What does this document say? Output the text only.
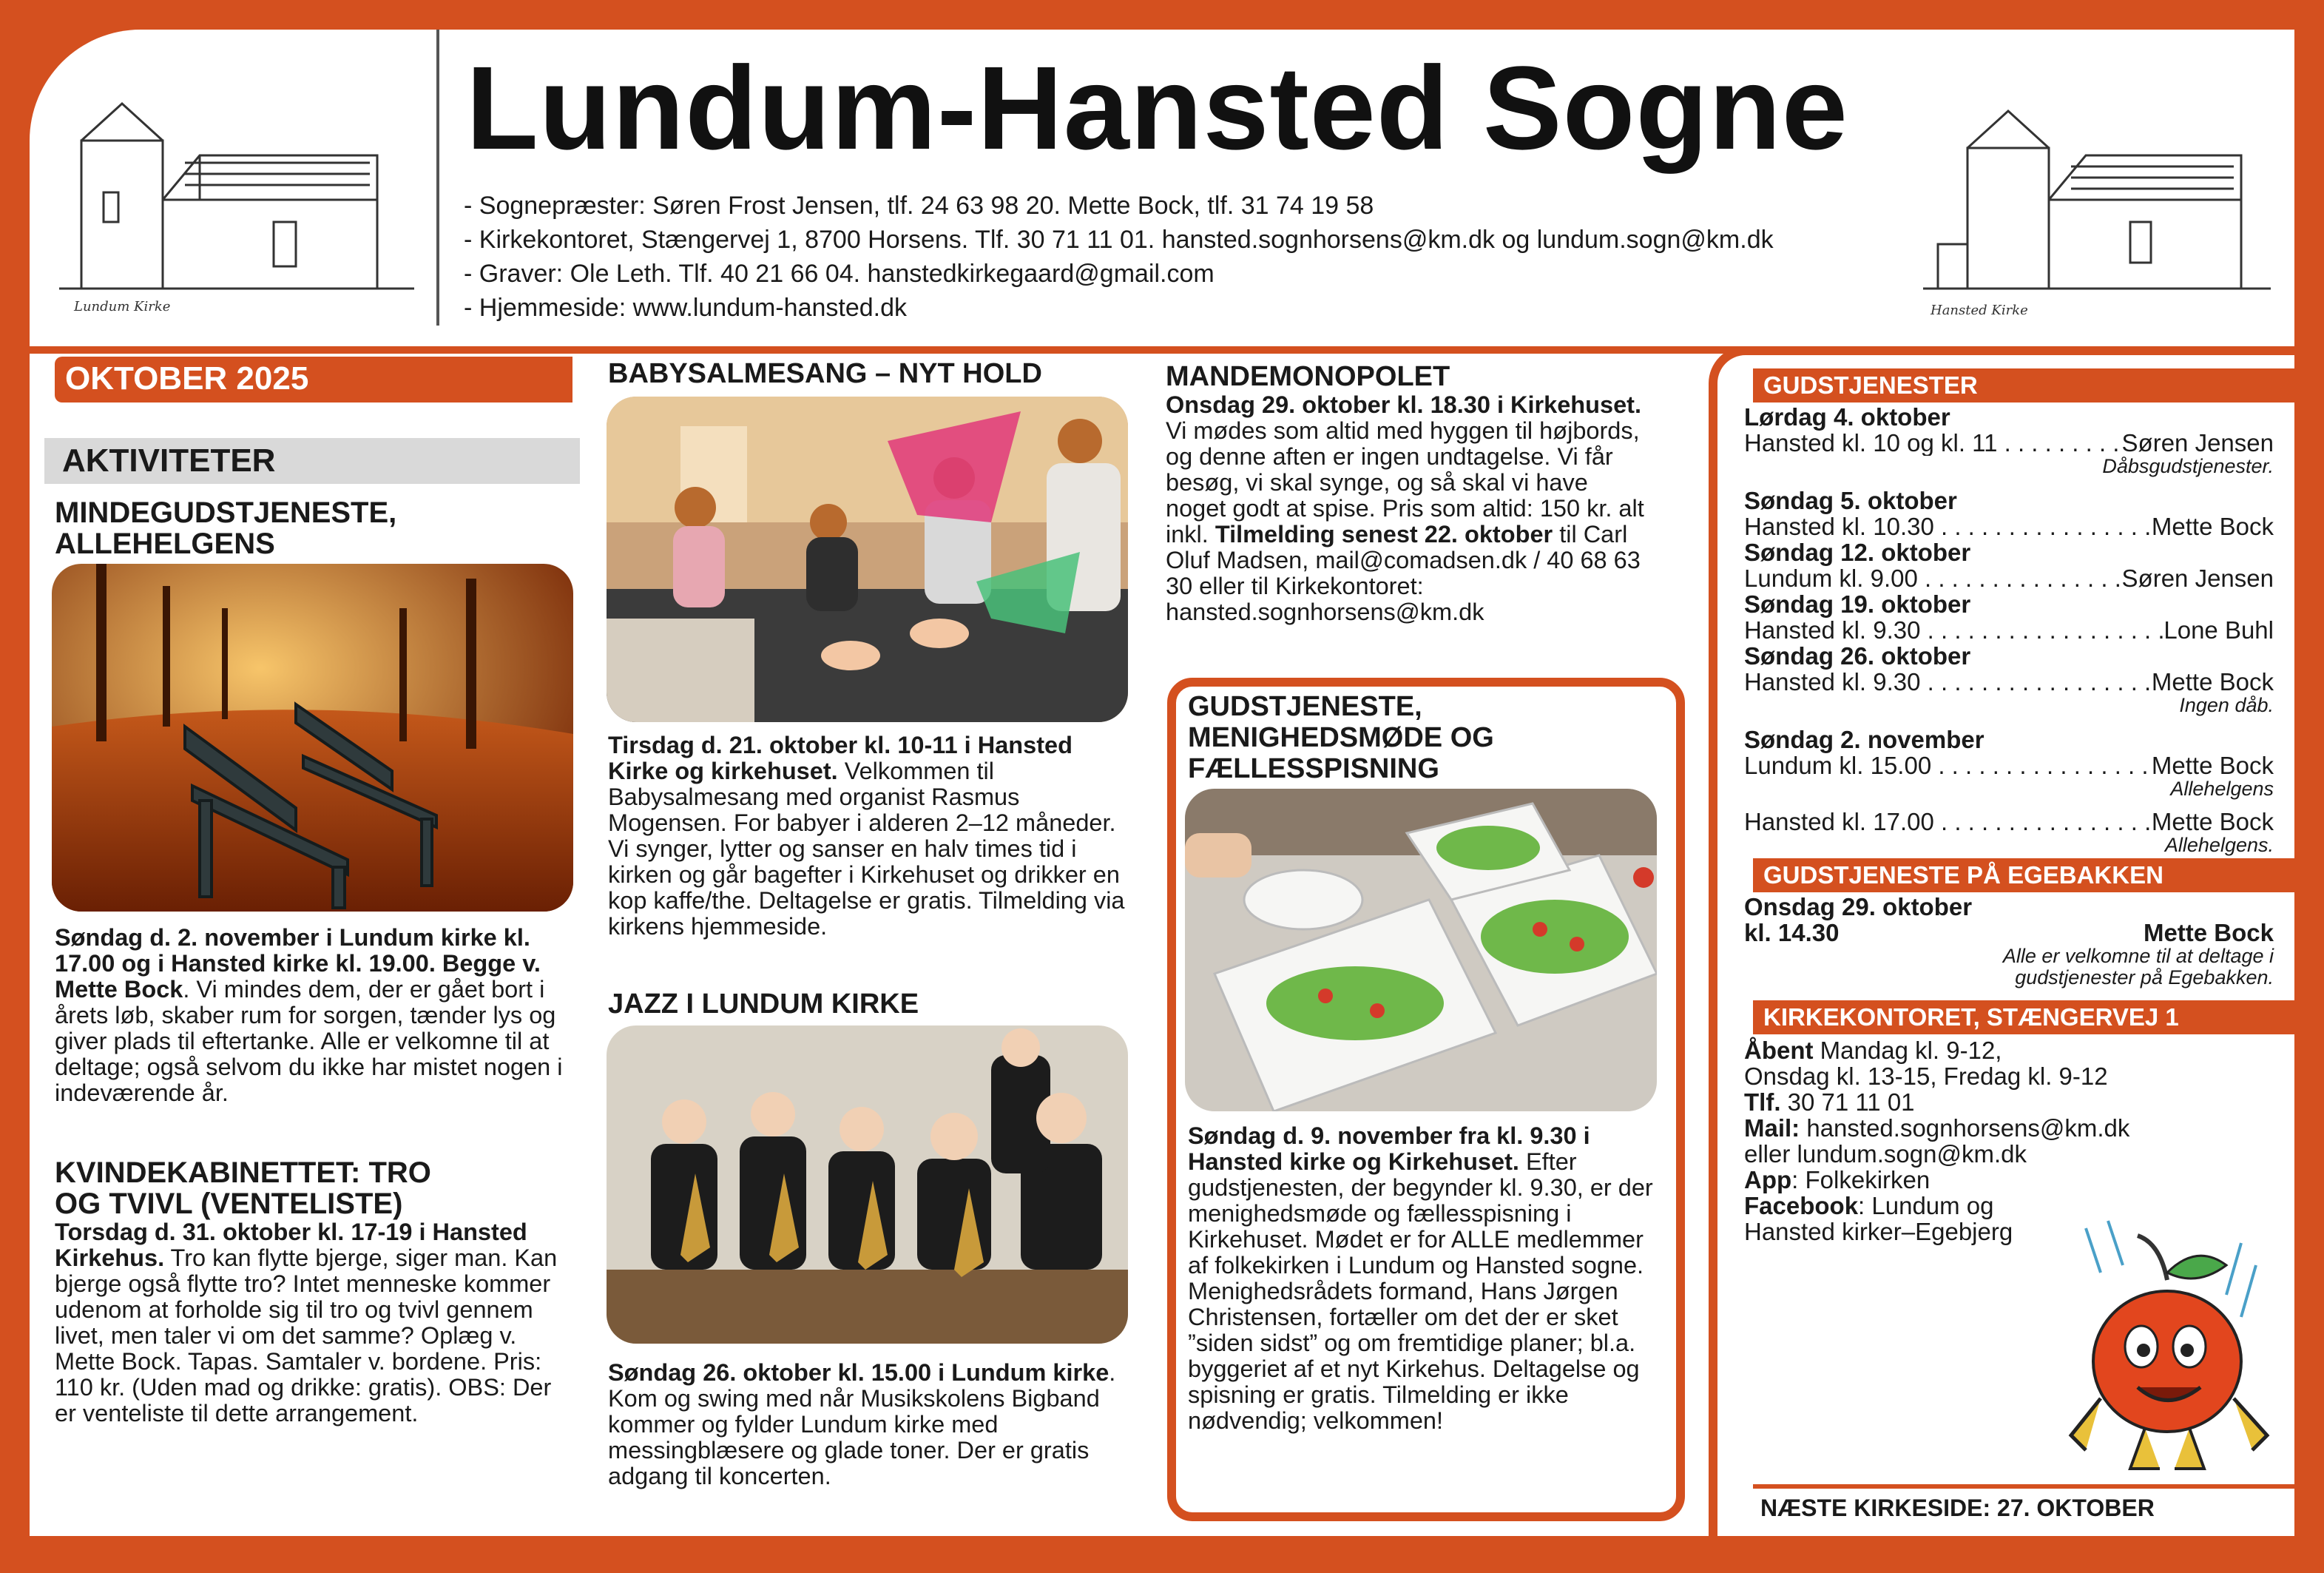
Lundum Kirke
Lundum-Hansted Sogne
- Sognepræster: Søren Frost Jensen, tlf. 24 63 98 20. Mette Bock, tlf. 31 74 19 58
- Kirkekontoret, Stængervej 1, 8700 Horsens. Tlf. 30 71 11 01. hansted.sognhorsens@km.dk og lundum.sogn@km.dk
- Graver: Ole Leth. Tlf. 40 21 66 04. hanstedkirkegaard@gmail.com
- Hjemmeside: www.lundum-hansted.dk	Hansted Kirke
OKTOBER 2025
AKTIVITETER
MINDEGUDSTJENESTE,
ALLEHELGENS
Søndag d. 2. november i Lundum kirke kl. 17.00 og i Hansted kirke kl. 19.00. Begge v. Mette Bock. Vi mindes dem, der er gået bort i årets løb, skaber rum for sorgen, tænder lys og giver plads til eftertanke. Alle er velkomne til at deltage; også selvom du ikke har mistet nogen i indeværende år.
KVINDEKABINETTET: TRO
OG TVIVL (VENTELISTE)
Torsdag d. 31. oktober kl. 17-19 i Hansted Kirkehus. Tro kan flytte bjerge, siger man. Kan bjerge også flytte tro? Intet menneske kommer udenom at forholde sig til tro og tvivl gennem livet, men taler vi om det samme? Oplæg v. Mette Bock. Tapas. Samtaler v. bordene. Pris: 110 kr. (Uden mad og drikke: gratis). OBS: Der er venteliste til dette arrangement.
BABYSALMESANG – NYT HOLD
Tirsdag d. 21. oktober kl. 10-11 i Hansted Kirke og kirkehuset. Velkommen til Babysalmesang med organist Rasmus Mogensen. For babyer i alderen 2–12 måneder. Vi synger, lytter og sanser en halv times tid i kirken og går bagefter i Kirkehuset og drikker en kop kaffe/the. Deltagelse er gratis. Tilmelding via kirkens hjemmeside.
JAZZ I LUNDUM KIRKE
Søndag 26. oktober kl. 15.00 i Lundum kirke. Kom og swing med når Musikskolens Bigband kommer og fylder Lundum kirke med messingblæsere og glade toner. Der er gratis adgang til koncerten.
MANDEMONOPOLET
Onsdag 29. oktober kl. 18.30 i Kirkehuset. Vi mødes som altid med hyggen til højbords, og denne aften er ingen undtagelse. Vi får besøg, vi skal synge, og så skal vi have noget godt at spise. Pris som altid: 150 kr. alt inkl. Tilmelding senest 22. oktober til Carl Oluf Madsen, mail@comadsen.dk / 40 68 63 30 eller til Kirkekontoret: hansted.sognhorsens@km.dk
GUDSTJENESTE,
MENIGHEDSMØDE OG
FÆLLESSPISNING
Søndag d. 9. november fra kl. 9.30 i Hansted kirke og Kirkehuset. Efter gudstjenesten, der begynder kl. 9.30, er der menighedsmøde og fællesspisning i Kirkehuset. Mødet er for ALLE medlemmer af folkekirken i Lundum og Hansted sogne. Menighedsrådets formand, Hans Jørgen Christensen, fortæller om det der er sket ”siden sidst” og om fremtidige planer; bl.a. byggeriet af et nyt Kirkehus. Deltagelse og spisning er gratis. Tilmelding er ikke nødvendig; velkommen!
GUDSTJENESTER
Lørdag 4. oktober
Hansted kl. 10 og kl. 11 . . .	Søren Jensen
Dåbsgudstjenester.
Søndag 5. oktober
Hansted kl. 10.30 . . .	Mette Bock
Søndag 12. oktober
Lundum kl. 9.00 . . .	Søren Jensen
Søndag 19. oktober
Hansted kl. 9.30 . . .	Lone Buhl
Søndag 26. oktober
Hansted kl. 9.30 . . .	Mette Bock
Ingen dåb.
Søndag 2. november
Lundum kl. 15.00 . . .	Mette Bock
Allehelgens
Hansted kl. 17.00 . . .	Mette Bock
Allehelgens.
GUDSTJENESTE PÅ EGEBAKKEN
Onsdag 29. oktober
kl. 14.30	Mette Bock
Alle er velkomne til at deltage i
gudstjenester på Egebakken.
KIRKEKONTORET, STÆNGERVEJ 1
Åbent Mandag kl. 9-12,
Onsdag kl. 13-15, Fredag kl. 9-12
Tlf. 30 71 11 01
Mail: hansted.sognhorsens@km.dk
eller lundum.sogn@km.dk
App: Folkekirken
Facebook: Lundum og
Hansted kirker–Egebjerg
NÆSTE KIRKESIDE: 27. OKTOBER
